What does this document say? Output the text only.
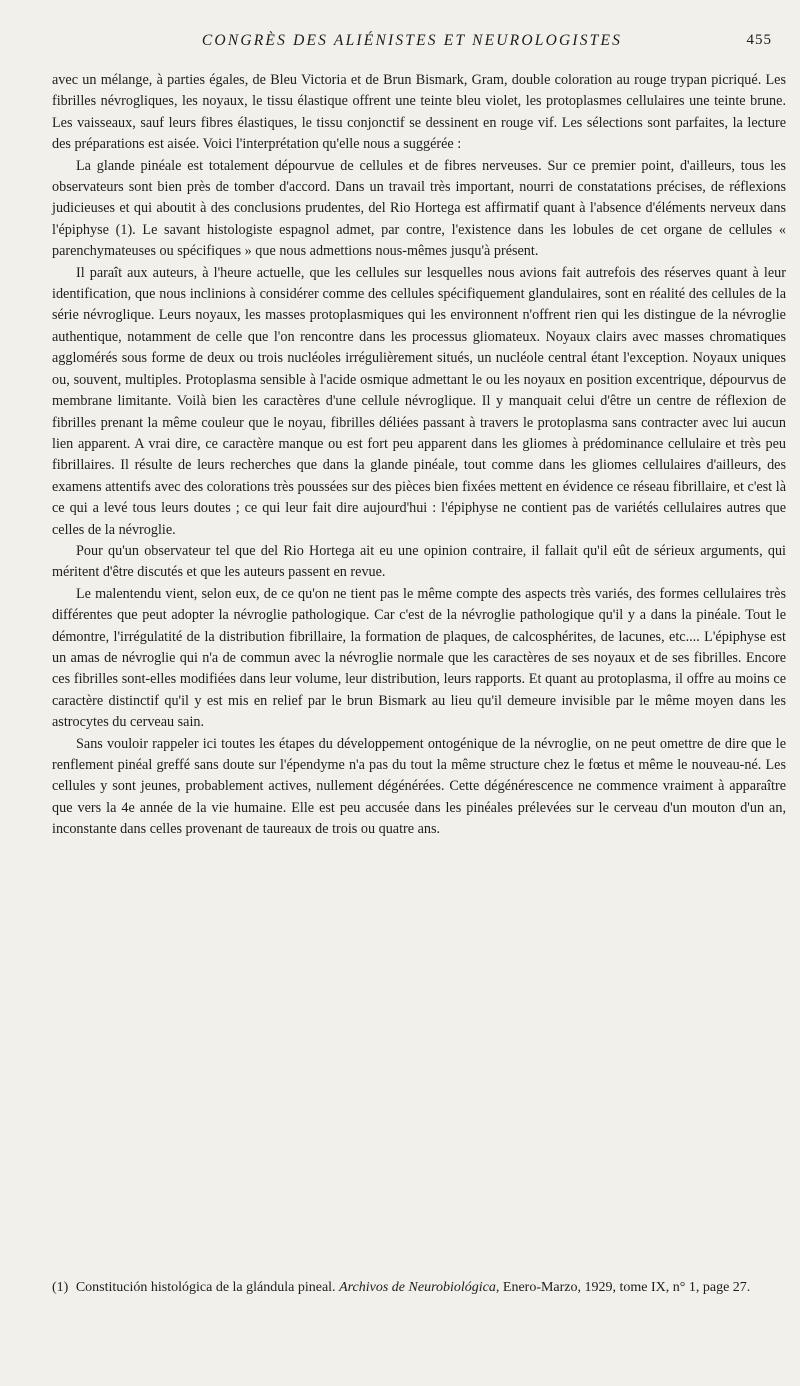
CONGRÈS DES ALIÉNISTES ET NEUROLOGISTES	455

avec un mélange, à parties égales, de Bleu Victoria et de Brun Bismark, Gram, double coloration au rouge trypan picriqué. Les fibrilles névrogliques, les noyaux, le tissu élastique offrent une teinte bleu violet, les protoplasmes cellulaires une teinte brune. Les vaisseaux, sauf leurs fibres élastiques, le tissu conjonctif se dessinent en rouge vif. Les sélections sont parfaites, la lecture des préparations est aisée. Voici l'interprétation qu'elle nous a suggérée :

La glande pinéale est totalement dépourvue de cellules et de fibres nerveuses. Sur ce premier point, d'ailleurs, tous les observateurs sont bien près de tomber d'accord. Dans un travail très important, nourri de constatations précises, de réflexions judicieuses et qui aboutit à des conclusions prudentes, del Rio Hortega est affirmatif quant à l'absence d'éléments nerveux dans l'épiphyse (1). Le savant histologiste espagnol admet, par contre, l'existence dans les lobules de cet organe de cellules « parenchymateuses ou spécifiques » que nous admettions nous-mêmes jusqu'à présent.

Il paraît aux auteurs, à l'heure actuelle, que les cellules sur lesquelles nous avions fait autrefois des réserves quant à leur identification, que nous inclinions à considérer comme des cellules spécifiquement glandulaires, sont en réalité des cellules de la série névroglique. Leurs noyaux, les masses protoplasmiques qui les environnent n'offrent rien qui les distingue de la névroglie authentique, notamment de celle que l'on rencontre dans les processus gliomateux. Noyaux clairs avec masses chromatiques agglomérés sous forme de deux ou trois nucléoles irrégulièrement situés, un nucléole central étant l'exception. Noyaux uniques ou, souvent, multiples. Protoplasma sensible à l'acide osmique admettant le ou les noyaux en position excentrique, dépourvus de membrane limitante. Voilà bien les caractères d'une cellule névroglique. Il y manquait celui d'être un centre de réflexion de fibrilles prenant la même couleur que le noyau, fibrilles déliées passant à travers le protoplasma sans contracter avec lui aucun lien apparent. A vrai dire, ce caractère manque ou est fort peu apparent dans les gliomes à prédominance cellulaire et très peu fibrillaires. Il résulte de leurs recherches que dans la glande pinéale, tout comme dans les gliomes cellulaires d'ailleurs, des examens attentifs avec des colorations très poussées sur des pièces bien fixées mettent en évidence ce réseau fibrillaire, et c'est là ce qui a levé tous leurs doutes ; ce qui leur fait dire aujourd'hui : l'épiphyse ne contient pas de variétés cellulaires autres que celles de la névroglie.

Pour qu'un observateur tel que del Rio Hortega ait eu une opinion contraire, il fallait qu'il eût de sérieux arguments, qui méritent d'être discutés et que les auteurs passent en revue.

Le malentendu vient, selon eux, de ce qu'on ne tient pas le même compte des aspects très variés, des formes cellulaires très différentes que peut adopter la névroglie pathologique. Car c'est de la névroglie pathologique qu'il y a dans la pinéale. Tout le démontre, l'irrégulatité de la distribution fibrillaire, la formation de plaques, de calcosphérites, de lacunes, etc.... L'épiphyse est un amas de névroglie qui n'a de commun avec la névroglie normale que les caractères de ses noyaux et de ses fibrilles. Encore ces fibrilles sont-elles modifiées dans leur volume, leur distribution, leurs rapports. Et quant au protoplasma, il offre au moins ce caractère distinctif qu'il y est mis en relief par le brun Bismark au lieu qu'il demeure invisible par le même moyen dans les astrocytes du cerveau sain.

Sans vouloir rappeler ici toutes les étapes du développement ontogénique de la névroglie, on ne peut omettre de dire que le renflement pinéal greffé sans doute sur l'épendyme n'a pas du tout la même structure chez le fœtus et même le nouveau-né. Les cellules y sont jeunes, probablement actives, nullement dégénérées. Cette dégénérescence ne commence vraiment à apparaître que vers la 4e année de la vie humaine. Elle est peu accusée dans les pinéales prélevées sur le cerveau d'un mouton d'un an, inconstante dans celles provenant de taureaux de trois ou quatre ans.

(1) Constitución histológica de la glándula pineal. Archivos de Neurobiológica, Enero-Marzo, 1929, tome IX, n° 1, page 27.
